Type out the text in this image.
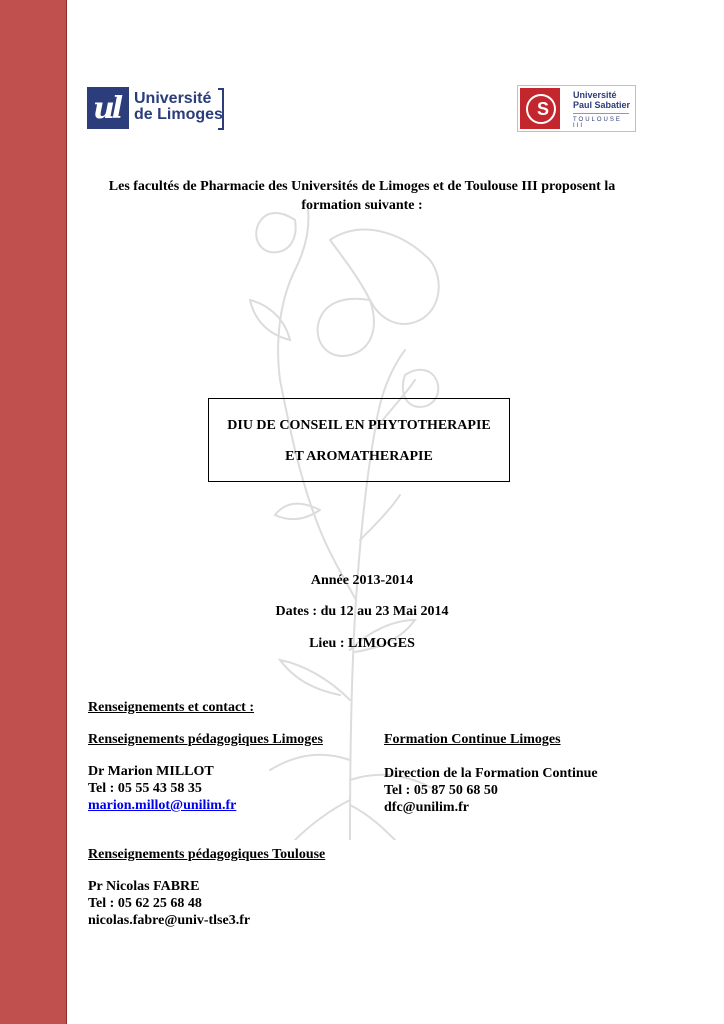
ul Université
de Limoges	S
Université
Paul Sabatier
TOULOUSE III
Les facultés de Pharmacie des Universités de Limoges et de Toulouse III proposent la formation suivante :
DIU DE CONSEIL EN PHYTOTHERAPIE
ET AROMATHERAPIE
Année 2013-2014
Dates : du 12 au 23 Mai 2014
Lieu : LIMOGES
Renseignements et contact :
Renseignements pédagogiques Limoges
Dr Marion MILLOT
Tel : 05 55 43 58 35
marion.millot@unilim.fr
Formation Continue Limoges
Direction de la Formation Continue
Tel : 05 87 50 68 50
dfc@unilim.fr
Renseignements pédagogiques Toulouse
Pr Nicolas FABRE
Tel : 05 62 25 68 48
nicolas.fabre@univ-tlse3.fr
